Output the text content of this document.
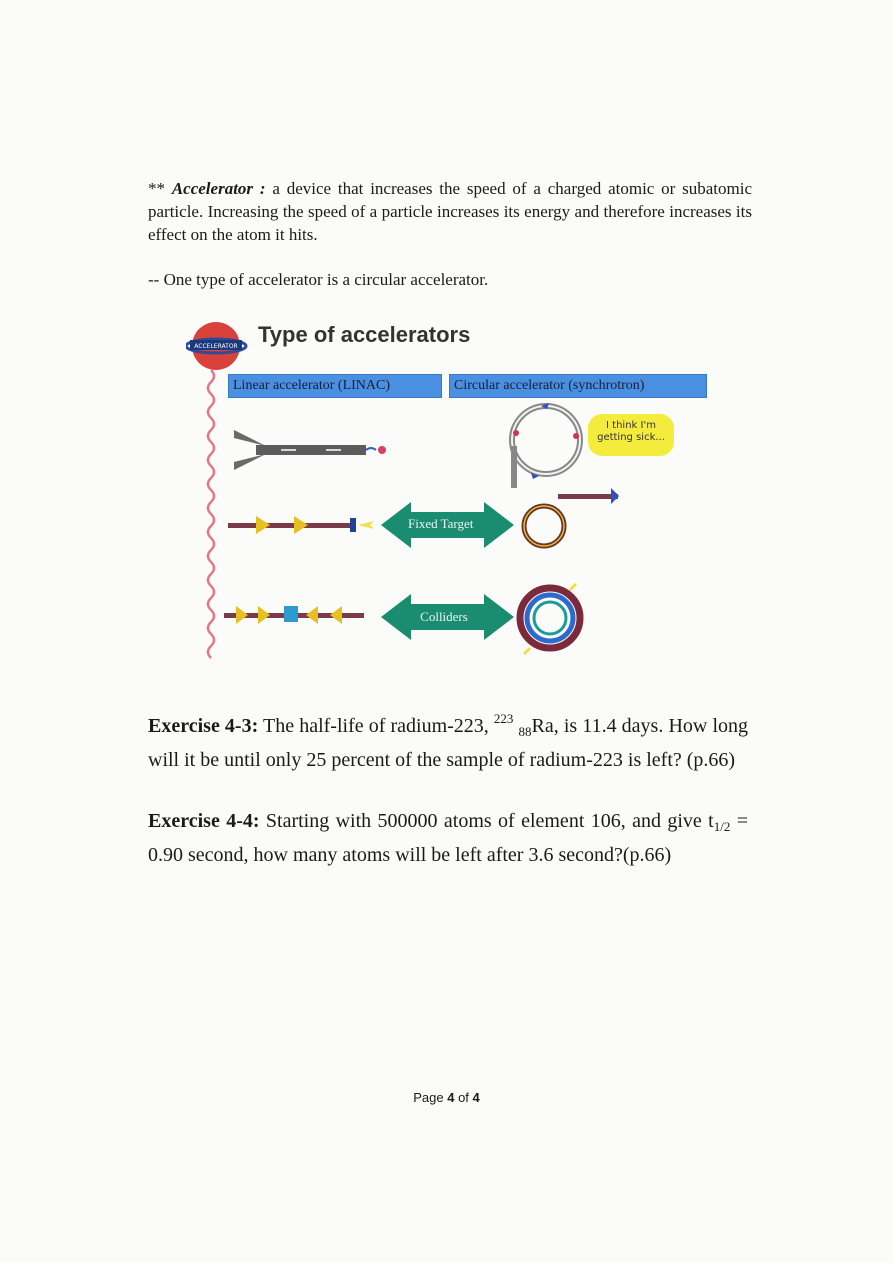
** Accelerator : a device that increases the speed of a charged atomic or subatomic particle. Increasing the speed of a particle increases its energy and therefore increases its effect on the atom it hits.

-- One type of accelerator is a circular accelerator.

ACCELERATOR Type of accelerators
Linear accelerator (LINAC)	Circular accelerator (synchrotron)
I think I'm getting sick...
Fixed Target
Colliders

Exercise 4-3: The half-life of radium-223, $^{223}$ $_{88}$Ra, is 11.4 days. How long will it be until only 25 percent of the sample of radium-223 is left? (p.66)

Exercise 4-4: Starting with 500000 atoms of element 106, and give $t_{1/2} = 0.90$ second, how many atoms will be left after 3.6 second?(p.66)

Page 4 of 4
